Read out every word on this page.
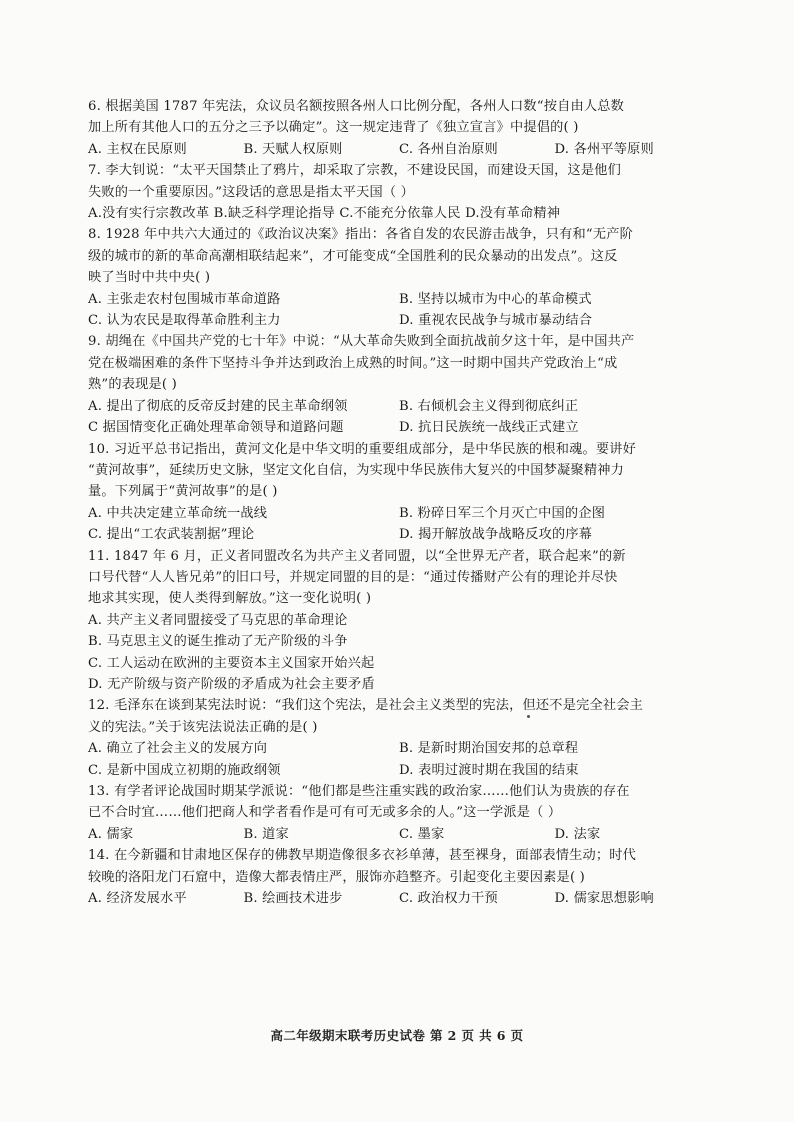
6. 根据美国 1787 年宪法，众议员名额按照各州人口比例分配，各州人口数“按自由人总数
加上所有其他人口的五分之三予以确定”。这一规定违背了《独立宣言》中提倡的( )
A. 主权在民原则	B. 天赋人权原则	C. 各州自治原则	D. 各州平等原则
7. 李大钊说：“太平天国禁止了鸦片，却采取了宗教，不建设民国，而建设天国，这是他们
失败的一个重要原因。”这段话的意思是指太平天国（ ）
A.没有实行宗教改革 B.缺乏科学理论指导 C.不能充分依靠人民 D.没有革命精神
8. 1928 年中共六大通过的《政治议决案》指出：各省自发的农民游击战争，只有和“无产阶
级的城市的新的革命高潮相联结起来”，才可能变成“全国胜利的民众暴动的出发点”。这反
映了当时中共中央( )
A. 主张走农村包围城市革命道路	B. 坚持以城市为中心的革命模式
C. 认为农民是取得革命胜利主力	D. 重视农民战争与城市暴动结合
9. 胡绳在《中国共产党的七十年》中说：“从大革命失败到全面抗战前夕这十年，是中国共产
党在极端困难的条件下坚持斗争并达到政治上成熟的时间。”这一时期中国共产党政治上“成
熟”的表现是( )
A. 提出了彻底的反帝反封建的民主革命纲领	B. 右倾机会主义得到彻底纠正
C 据国情变化正确处理革命领导和道路问题	D. 抗日民族统一战线正式建立
10. 习近平总书记指出，黄河文化是中华文明的重要组成部分，是中华民族的根和魂。要讲好
“黄河故事”，延续历史文脉，坚定文化自信，为实现中华民族伟大复兴的中国梦凝聚精神力
量。下列属于“黄河故事”的是( )
A. 中共决定建立革命统一战线	B. 粉碎日军三个月灭亡中国的企图
C. 提出“工农武装割据”理论	D. 揭开解放战争战略反攻的序幕
11. 1847 年 6 月，正义者同盟改名为共产主义者同盟，以“全世界无产者，联合起来”的新
口号代替“人人皆兄弟”的旧口号，并规定同盟的目的是：“通过传播财产公有的理论并尽快
地求其实现，使人类得到解放。”这一变化说明( )
A. 共产主义者同盟接受了马克思的革命理论
B. 马克思主义的诞生推动了无产阶级的斗争
C. 工人运动在欧洲的主要资本主义国家开始兴起
D. 无产阶级与资产阶级的矛盾成为社会主要矛盾
12. 毛泽东在谈到某宪法时说：“我们这个宪法，是社会主义类型的宪法，但还不是完全社会主
义的宪法。”关于该宪法说法正确的是( )
A. 确立了社会主义的发展方向	B. 是新时期治国安邦的总章程
C. 是新中国成立初期的施政纲领	D. 表明过渡时期在我国的结束
13. 有学者评论战国时期某学派说：“他们都是些注重实践的政治家……他们认为贵族的存在
已不合时宜……他们把商人和学者看作是可有可无或多余的人。”这一学派是（ ）
A. 儒家	B. 道家	C. 墨家	D. 法家
14. 在今新疆和甘肃地区保存的佛教早期造像很多衣衫单薄，甚至裸身，面部表情生动；时代
较晚的洛阳龙门石窟中，造像大都表情庄严，服饰亦趋整齐。引起变化主要因素是( )
A. 经济发展水平	B. 绘画技术进步	C. 政治权力干预	D. 儒家思想影响
高二年级期末联考历史试卷 第 2 页 共 6 页
